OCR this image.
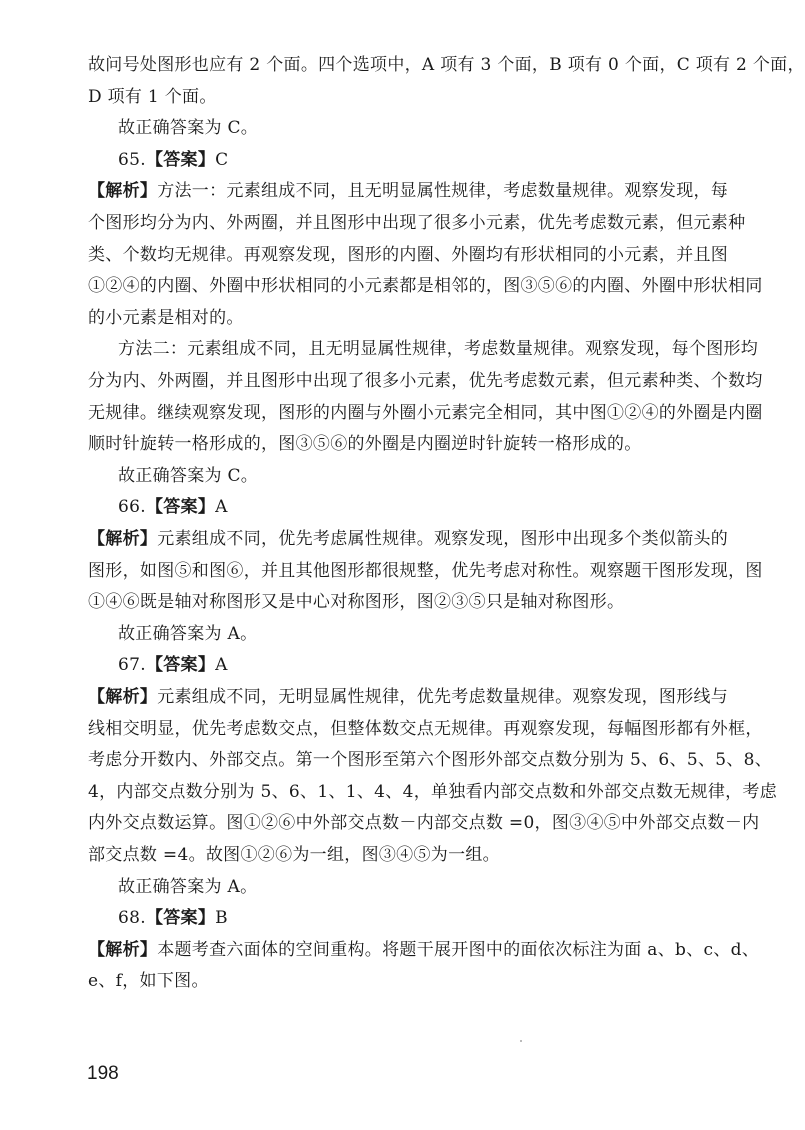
故问号处图形也应有 2 个面。四个选项中，A 项有 3 个面，B 项有 0 个面，C 项有 2 个面，
D 项有 1 个面。
故正确答案为 C。
65.【答案】C
【解析】方法一：元素组成不同，且无明显属性规律，考虑数量规律。观察发现，每
个图形均分为内、外两圈，并且图形中出现了很多小元素，优先考虑数元素，但元素种
类、个数均无规律。再观察发现，图形的内圈、外圈均有形状相同的小元素，并且图
①②④的内圈、外圈中形状相同的小元素都是相邻的，图③⑤⑥的内圈、外圈中形状相同
的小元素是相对的。
方法二：元素组成不同，且无明显属性规律，考虑数量规律。观察发现，每个图形均
分为内、外两圈，并且图形中出现了很多小元素，优先考虑数元素，但元素种类、个数均
无规律。继续观察发现，图形的内圈与外圈小元素完全相同，其中图①②④的外圈是内圈
顺时针旋转一格形成的，图③⑤⑥的外圈是内圈逆时针旋转一格形成的。
故正确答案为 C。
66.【答案】A
【解析】元素组成不同，优先考虑属性规律。观察发现，图形中出现多个类似箭头的
图形，如图⑤和图⑥，并且其他图形都很规整，优先考虑对称性。观察题干图形发现，图
①④⑥既是轴对称图形又是中心对称图形，图②③⑤只是轴对称图形。
故正确答案为 A。
67.【答案】A
【解析】元素组成不同，无明显属性规律，优先考虑数量规律。观察发现，图形线与
线相交明显，优先考虑数交点，但整体数交点无规律。再观察发现，每幅图形都有外框，
考虑分开数内、外部交点。第一个图形至第六个图形外部交点数分别为 5、6、5、5、8、
4，内部交点数分别为 5、6、1、1、4、4，单独看内部交点数和外部交点数无规律，考虑
内外交点数运算。图①②⑥中外部交点数－内部交点数 =0，图③④⑤中外部交点数－内
部交点数 =4。故图①②⑥为一组，图③④⑤为一组。
故正确答案为 A。
68.【答案】B
【解析】本题考查六面体的空间重构。将题干展开图中的面依次标注为面 a、b、c、d、
e、f，如下图。
198
